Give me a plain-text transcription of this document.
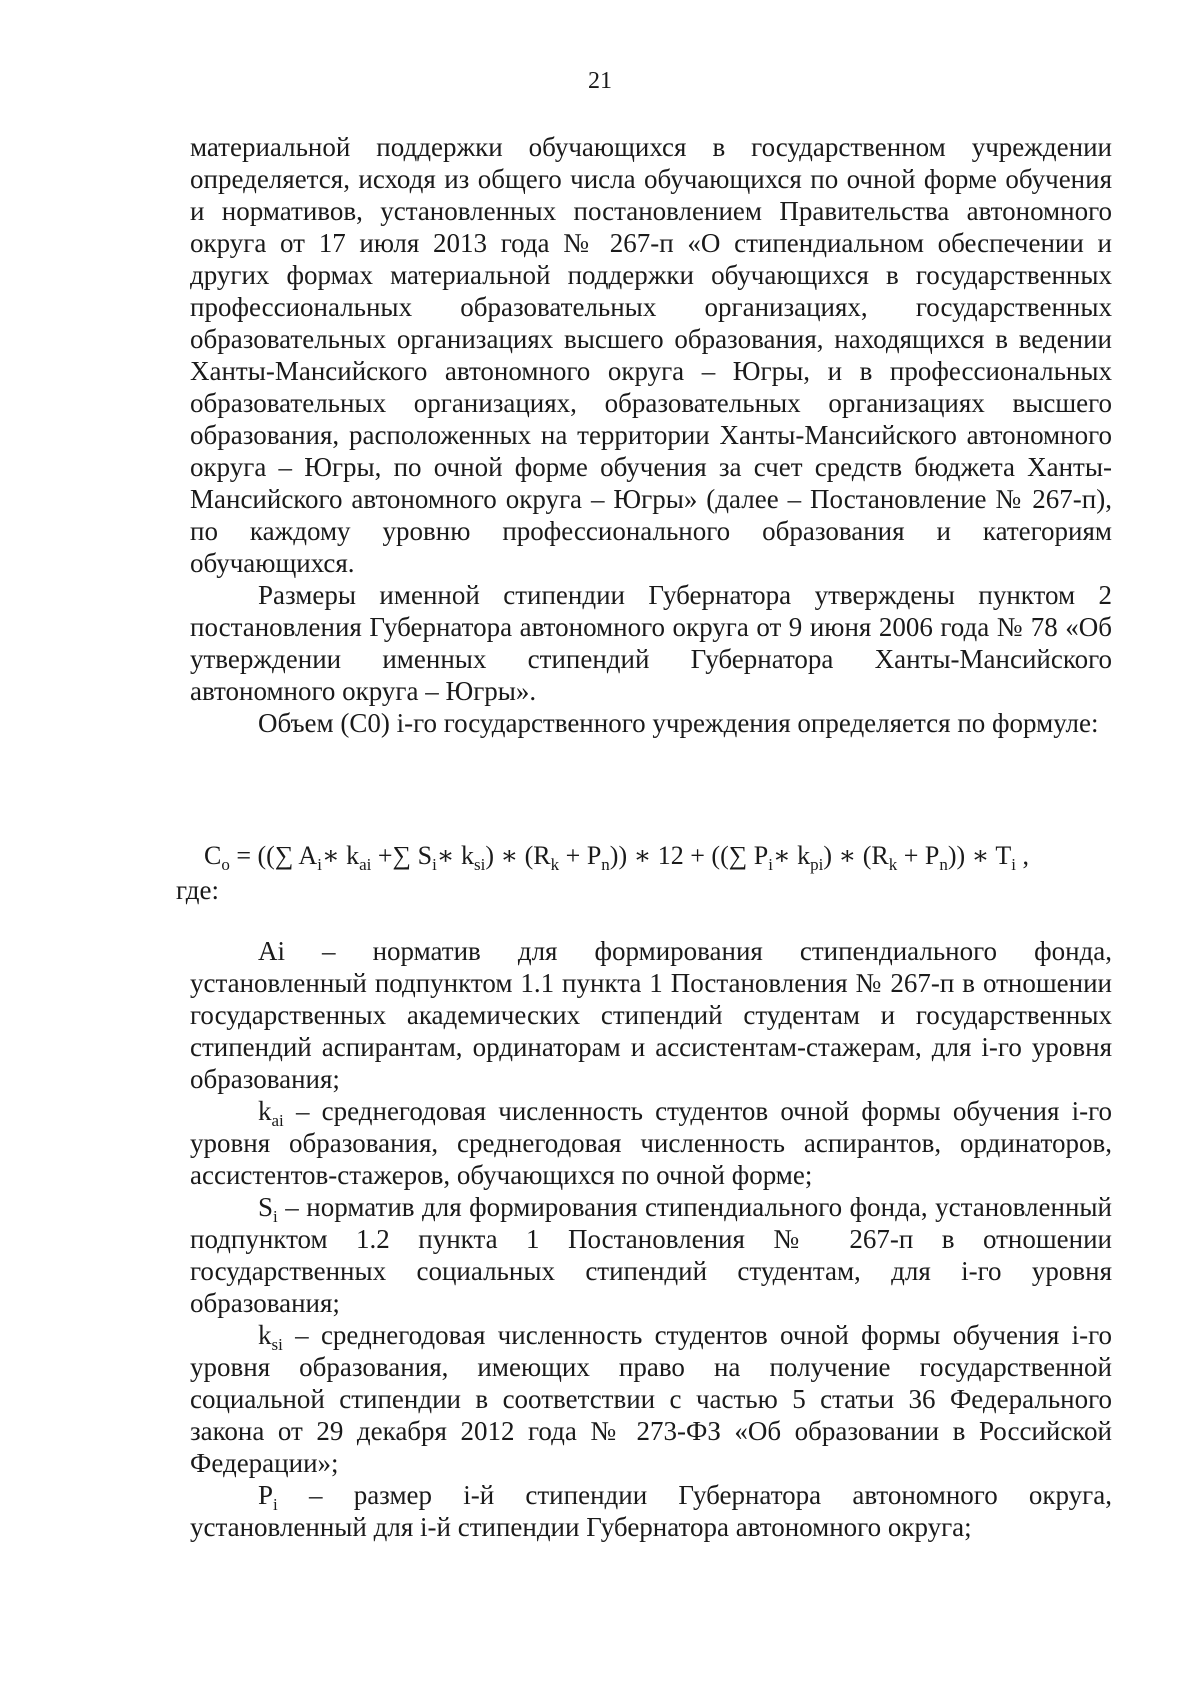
21

материальной поддержки обучающихся в государственном учреждении определяется, исходя из общего числа обучающихся по очной форме обучения и нормативов, установленных постановлением Правительства автономного округа от 17 июля 2013 года № 267-п «О стипендиальном обеспечении и других формах материальной поддержки обучающихся в государственных профессиональных образовательных организациях, государственных образовательных организациях высшего образования, находящихся в ведении Ханты-Мансийского автономного округа – Югры, и в профессиональных образовательных организациях, образовательных организациях высшего образования, расположенных на территории Ханты-Мансийского автономного округа – Югры, по очной форме обучения за счет средств бюджета Ханты-Мансийского автономного округа – Югры» (далее – Постановление № 267-п), по каждому уровню профессионального образования и категориям обучающихся.

Размеры именной стипендии Губернатора утверждены пунктом 2 постановления Губернатора автономного округа от 9 июня 2006 года № 78 «Об утверждении именных стипендий Губернатора Ханты-Мансийского автономного округа – Югры».

Объем (С0) i-го государственного учреждения определяется по формуле:

$C_o$ = ((∑ $A_i∗$ $k_{ai}$ +∑ $S_i∗$ $k_{si}$) ∗ $(R_k + P_n)$) ∗ 12 + ((∑ $P_i∗$ $k_{pi}$) ∗ $(R_k + P_n)$) ∗ $T_i$ ,
где:

Ai – норматив для формирования стипендиального фонда, установленный подпунктом 1.1 пункта 1 Постановления № 267-п в отношении государственных академических стипендий студентам и государственных стипендий аспирантам, ординаторам и ассистентам-стажерам, для i-го уровня образования;

$k_{ai}$ – среднегодовая численность студентов очной формы обучения i-го уровня образования, среднегодовая численность аспирантов, ординаторов, ассистентов-стажеров, обучающихся по очной форме;

$S_i$ – норматив для формирования стипендиального фонда, установленный подпунктом 1.2 пункта 1 Постановления № 267-п в отношении государственных социальных стипендий студентам, для i-го уровня образования;

$k_{si}$ – среднегодовая численность студентов очной формы обучения i-го уровня образования, имеющих право на получение государственной социальной стипендии в соответствии с частью 5 статьи 36 Федерального закона от 29 декабря 2012 года № 273-ФЗ «Об образовании в Российской Федерации»;

$P_i$ – размер i-й стипендии Губернатора автономного округа, установленный для i-й стипендии Губернатора автономного округа;
